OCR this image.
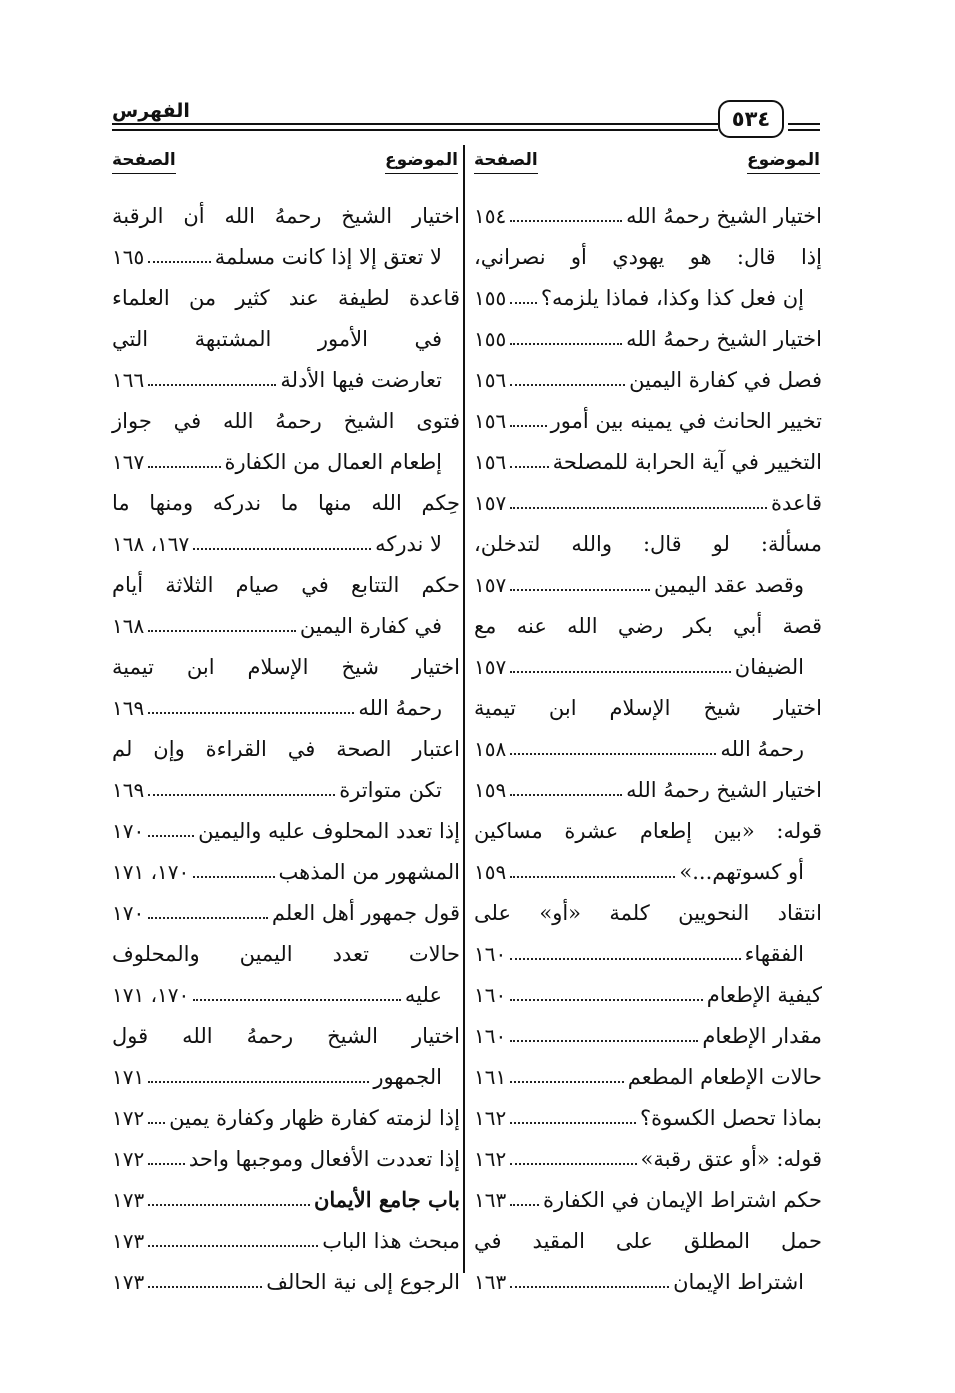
الفهرس	٥٣٤
الموضوع
الصفحة
الموضوع
الصفحة
اختيار الشيخ رحمهُ الله
١٥٤
إذا قال: هو يهودي أو نصراني،
إن فعل كذا وكذا، فماذا يلزمه؟
١٥٥
اختيار الشيخ رحمهُ الله
١٥٥
فصل في كفارة اليمين
١٥٦
تخيير الحانث في يمينه بين أمور
١٥٦
التخيير في آية الحرابة للمصلحة
١٥٦
قاعدة
١٥٧
مسألة: لو قال: والله لتدخلن،
وقصد عقد اليمين
١٥٧
قصة أبي بكر رضي الله عنه مع
الضيفان
١٥٧
اختيار شيخ الإسلام ابن تيمية
رحمهُ الله
١٥٨
اختيار الشيخ رحمهُ الله
١٥٩
قوله: «بين إطعام عشرة مساكين
أو كسوتهم...»
١٥٩
انتقاد النحويين كلمة «أو» على
الفقهاء
١٦٠
كيفية الإطعام
١٦٠
مقدار الإطعام
١٦٠
حالات الإطعام المطعم
١٦١
بماذا تحصل الكسوة؟
١٦٢
قوله: «أو عتق رقبة»
١٦٢
حكم اشتراط الإيمان في الكفارة
١٦٣
حمل المطلق على المقيد في
اشتراط الإيمان
١٦٣
اختيار الشيخ رحمهُ الله أن الرقبة
لا تعتق إلا إذا كانت مسلمة
١٦٥
قاعدة لطيفة عند كثير من العلماء
في الأمور المشتبهة التي
تعارضت فيها الأدلة
١٦٦
فتوى الشيخ رحمهُ الله في جواز
إطعام العمال من الكفارة
١٦٧
حِكم الله منها ما ندركه ومنها ما
لا ندركه
١٦٧، ١٦٨
حكم التتابع في صيام الثلاثة أيام
في كفارة اليمين
١٦٨
اختيار شيخ الإسلام ابن تيمية
رحمهُ الله
١٦٩
اعتبار الصحة في القراءة وإن لم
تكن متواترة
١٦٩
إذا تعدد المحلوف عليه واليمين
١٧٠
المشهور من المذهب
١٧٠، ١٧١
قول جمهور أهل العلم
١٧٠
حالات تعدد اليمين والمحلوف
عليه
١٧٠، ١٧١
اختيار الشيخ رحمهُ الله قول
الجمهور
١٧١
إذا لزمته كفارة ظهار وكفارة يمين
١٧٢
إذا تعددت الأفعال وموجبها واحد
١٧٢
باب جامع الأيمان
١٧٣
مبحث هذا الباب
١٧٣
الرجوع إلى نية الحالف
١٧٣
